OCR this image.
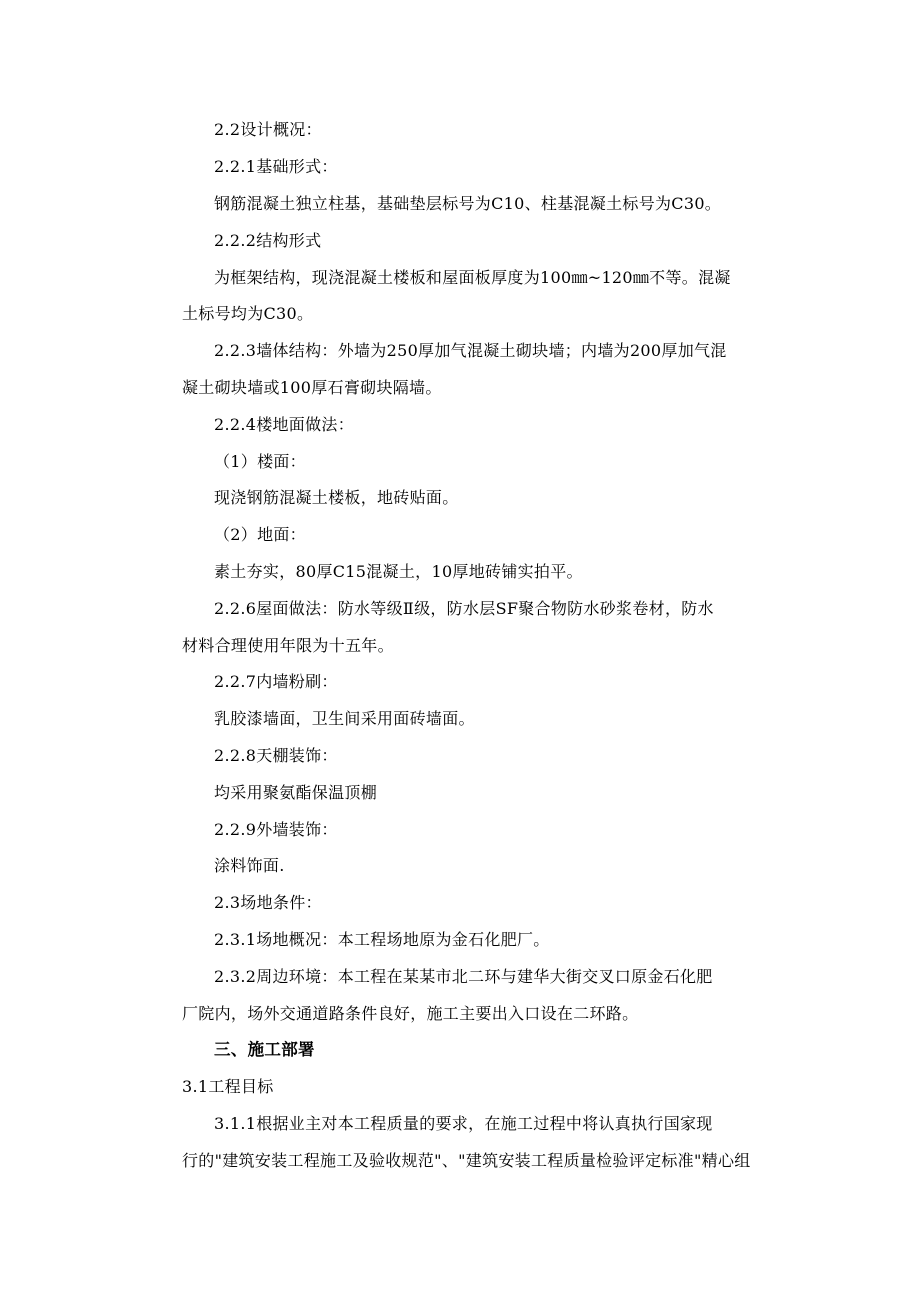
2.2设计概况：
2.2.1基础形式：
钢筋混凝土独立柱基，基础垫层标号为C10、柱基混凝土标号为C30。
2.2.2结构形式
为框架结构，现浇混凝土楼板和屋面板厚度为100㎜~120㎜不等。混凝
土标号均为C30。
2.2.3墙体结构：外墙为250厚加气混凝土砌块墙；内墙为200厚加气混
凝土砌块墙或100厚石膏砌块隔墙。
2.2.4楼地面做法：
（1）楼面：
现浇钢筋混凝土楼板，地砖贴面。
（2）地面：
素土夯实，80厚C15混凝土，10厚地砖铺实拍平。
2.2.6屋面做法：防水等级Ⅱ级，防水层SF聚合物防水砂浆卷材，防水
材料合理使用年限为十五年。
2.2.7内墙粉刷：
乳胶漆墙面，卫生间采用面砖墙面。
2.2.8天棚装饰：
均采用聚氨酯保温顶棚
2.2.9外墙装饰：
涂料饰面.
2.3场地条件：
2.3.1场地概况：本工程场地原为金石化肥厂。
2.3.2周边环境：本工程在某某市北二环与建华大街交叉口原金石化肥
厂院内，场外交通道路条件良好，施工主要出入口设在二环路。
三、施工部署
3.1工程目标
3.1.1根据业主对本工程质量的要求，在施工过程中将认真执行国家现
行的"建筑安装工程施工及验收规范"、"建筑安装工程质量检验评定标准"精心组
